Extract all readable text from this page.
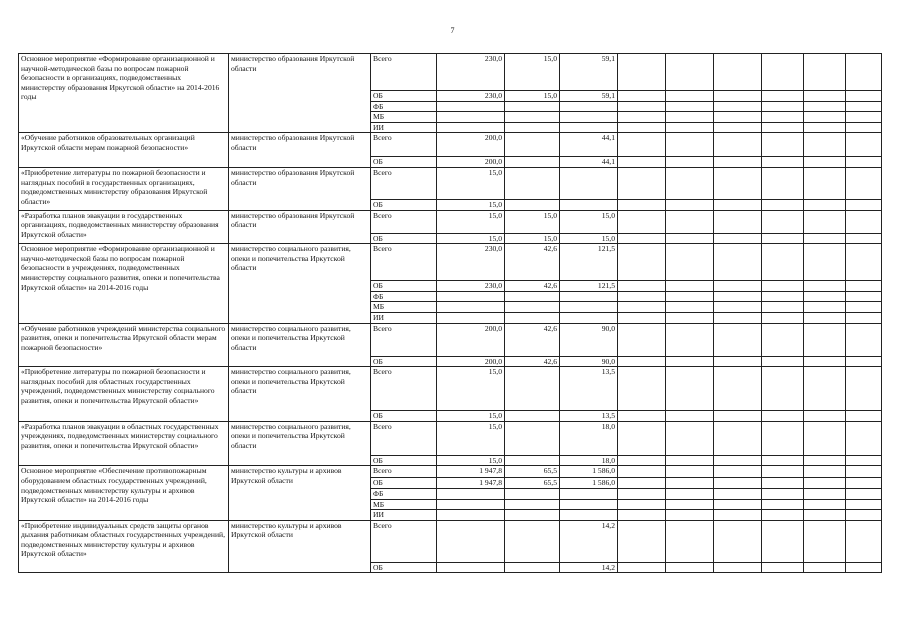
7
Основное мероприятие «Формирование организационной и научной-методической базы по вопросам пожарной безопасности в организациях, подведомственных министерству образования Иркутской области» на 2014-2016 годы	министерство образования Иркутской области	Всего	230,0	15,0	59,1						
		ОБ	230,0	15,0	59,1						
		ФБ									
		МБ									
		ИИ									
«Обучение работников образовательных организаций Иркутской области мерам пожарной безопасности»	министерство образования Иркутской области	Всего	200,0		44,1						
		ОБ	200,0		44,1						
«Приобретение литературы по пожарной безопасности и наглядных пособий в государственных организациях, подведомственных министерству образования Иркутской области»	министерство образования Иркутской области	Всего	15,0								
		ОБ	15,0								
«Разработка планов эвакуации в государственных организациях, подведомственных министерству образования Иркутской области»	министерство образования Иркутской области	Всего	15,0	15,0	15,0						
		ОБ	15,0	15,0	15,0						
Основное мероприятие «Формирование организационной и научно-методической базы по вопросам пожарной безопасности в учреждениях, подведомственных министерству социального развития, опеки и попечительства Иркутской области» на 2014-2016 годы	министерство социального развития, опеки и попечительства Иркутской области	Всего	230,0	42,6	121,5						
		ОБ	230,0	42,6	121,5						
		ФБ									
		МБ									
		ИИ									
«Обучение работников учреждений министерства социального развития, опеки и попечительства Иркутской области мерам пожарной безопасности»	министерство социального развития, опеки и попечительства Иркутской области	Всего	200,0	42,6	90,0						
		ОБ	200,0	42,6	90,0						
«Приобретение литературы по пожарной безопасности и наглядных пособий для областных государственных учреждений, подведомственных министерству социального развития, опеки и попечительства Иркутской области»	министерство социального развития, опеки и попечительства Иркутской области	Всего	15,0		13,5						
		ОБ	15,0		13,5						
«Разработка планов эвакуации в областных государственных учреждениях, подведомственных министерству социального развития, опеки и попечительства Иркутской области»	министерство социального развития, опеки и попечительства Иркутской области	Всего	15,0		18,0						
		ОБ	15,0		18,0						
Основное мероприятие «Обеспечение противопожарным оборудованием областных государственных учреждений, подведомственных министерству культуры и архивов Иркутской области» на 2014-2016 годы	министерство культуры и архивов Иркутской области	Всего	1 947,8	65,5	1 586,0						
		ОБ	1 947,8	65,5	1 586,0						
		ФБ									
		МБ									
		ИИ									
«Приобретение индивидуальных средств защиты органов дыхания работникам областных государственных учреждений, подведомственных министерству культуры и архивов Иркутской области»	министерство культуры и архивов Иркутской области	Всего			14,2						
		ОБ			14,2						
